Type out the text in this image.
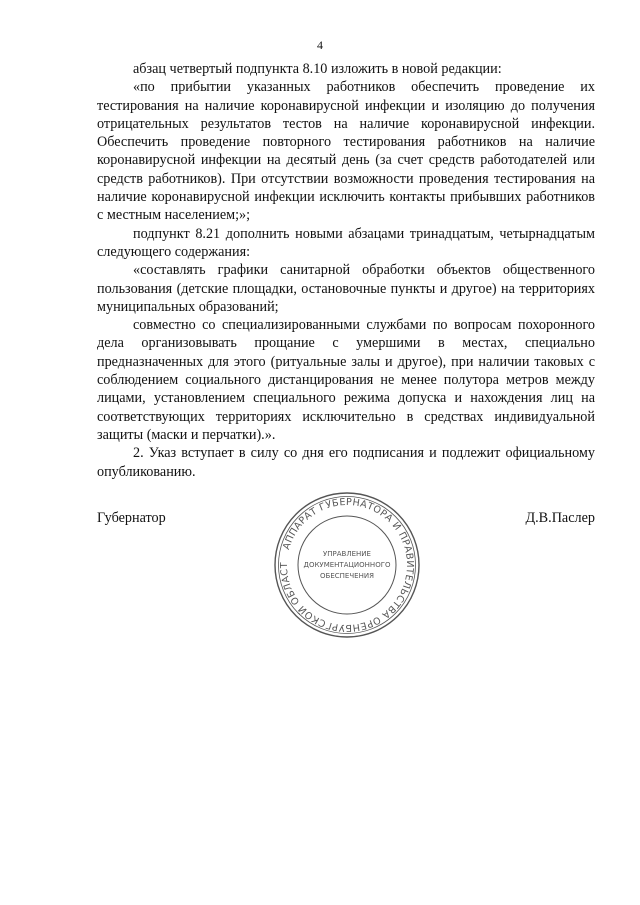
4

абзац четвертый подпункта 8.10 изложить в новой редакции:

«по прибытии указанных работников обеспечить проведение их тестирования на наличие коронавирусной инфекции и изоляцию до получения отрицательных результатов тестов на наличие коронавирусной инфекции. Обеспечить проведение повторного тестирования работников на наличие коронавирусной инфекции на десятый день (за счет средств работодателей или средств работников). При отсутствии возможности проведения тестирования на наличие коронавирусной инфекции исключить контакты прибывших работников с местным населением;»;

подпункт 8.21 дополнить новыми абзацами тринадцатым, четырнадцатым следующего содержания:

«составлять графики санитарной обработки объектов общественного пользования (детские площадки, остановочные пункты и другое) на территориях муниципальных образований;

совместно со специализированными службами по вопросам похоронного дела организовывать прощание с умершими в местах, специально предназначенных для этого (ритуальные залы и другое), при наличии таковых с соблюдением социального дистанцирования не менее полутора метров между лицами, установлением специального режима допуска и нахождения лиц на соответствующих территориях исключительно в средствах индивидуальной защиты (маски и перчатки).».

2. Указ вступает в силу со дня его подписания и подлежит официальному опубликованию.

Губернатор	Д.В.Паслер
АППАРАТ ГУБЕРНАТОРА И ПРАВИТЕЛЬСТВА ОРЕНБУРГСКОЙ ОБЛАСТ
УПРАВЛЕНИЕ
ДОКУМЕНТАЦИОННОГО
ОБЕСПЕЧЕНИЯ
